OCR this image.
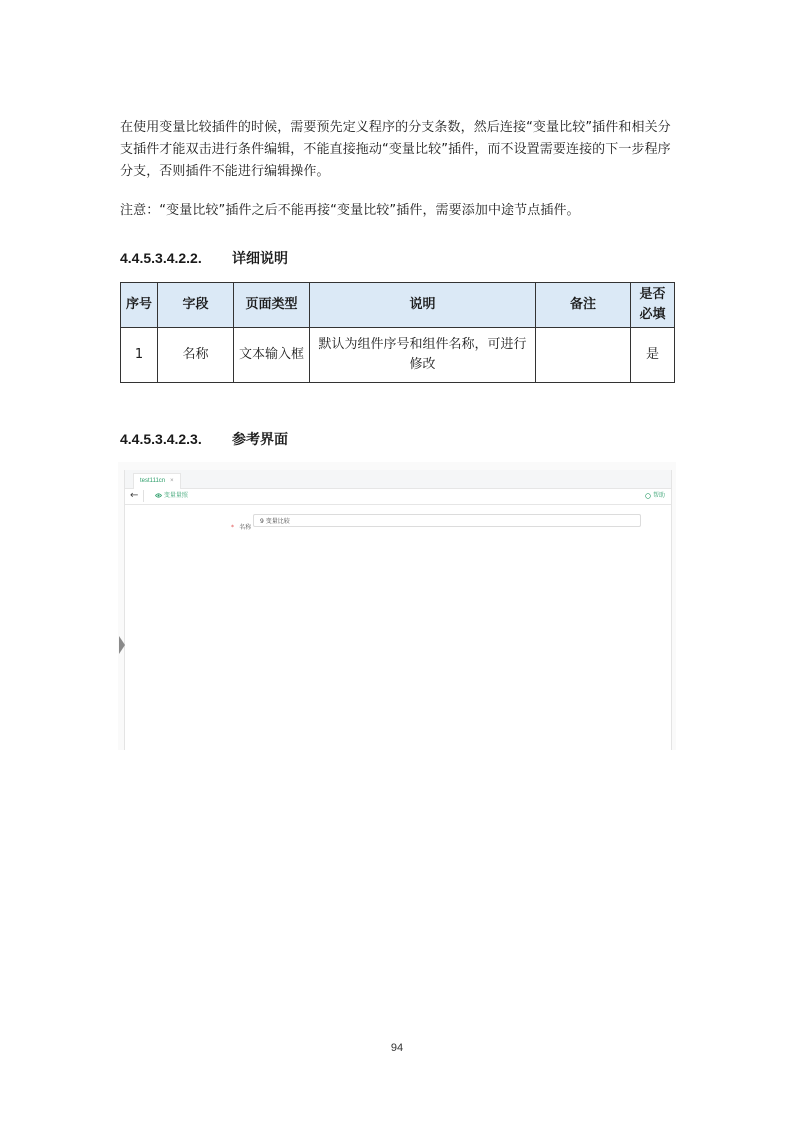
在使用变量比较插件的时候，需要预先定义程序的分支条数，然后连接“变量比较”插件和相关分支插件才能双击进行条件编辑，不能直接拖动“变量比较”插件，而不设置需要连接的下一步程序分支，否则插件不能进行编辑操作。

注意：“变量比较”插件之后不能再接“变量比较”插件，需要添加中途节点插件。

4.4.5.3.4.2.2. 详细说明
序号	字段	页面类型	说明	备注	是否必填
1	名称	文本输入框	默认为组件序号和组件名称，可进行修改		是
4.4.5.3.4.2.3. 参考界面
test111cn ×
←	变量量照	帮助
* 名称
9 变量比较
94
